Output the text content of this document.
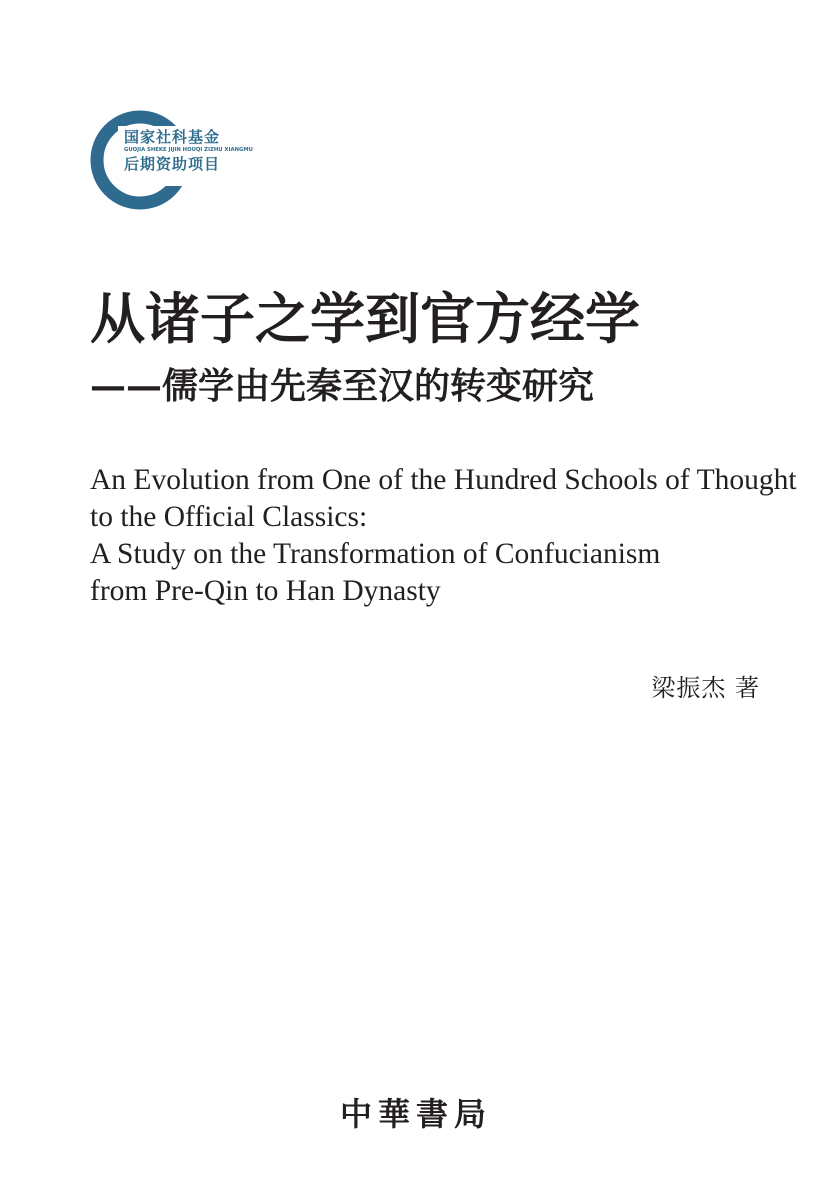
国家社科基金
GUOJIA SHEKE JIJIN HOUQI ZIZHU XIANGMU
后期资助项目
从诸子之学到官方经学
——儒学由先秦至汉的转变研究
An Evolution from One of the Hundred Schools of Thought
to the Official Classics:
A Study on the Transformation of Confucianism
from Pre-Qin to Han Dynasty
梁振杰 著
中華書局
